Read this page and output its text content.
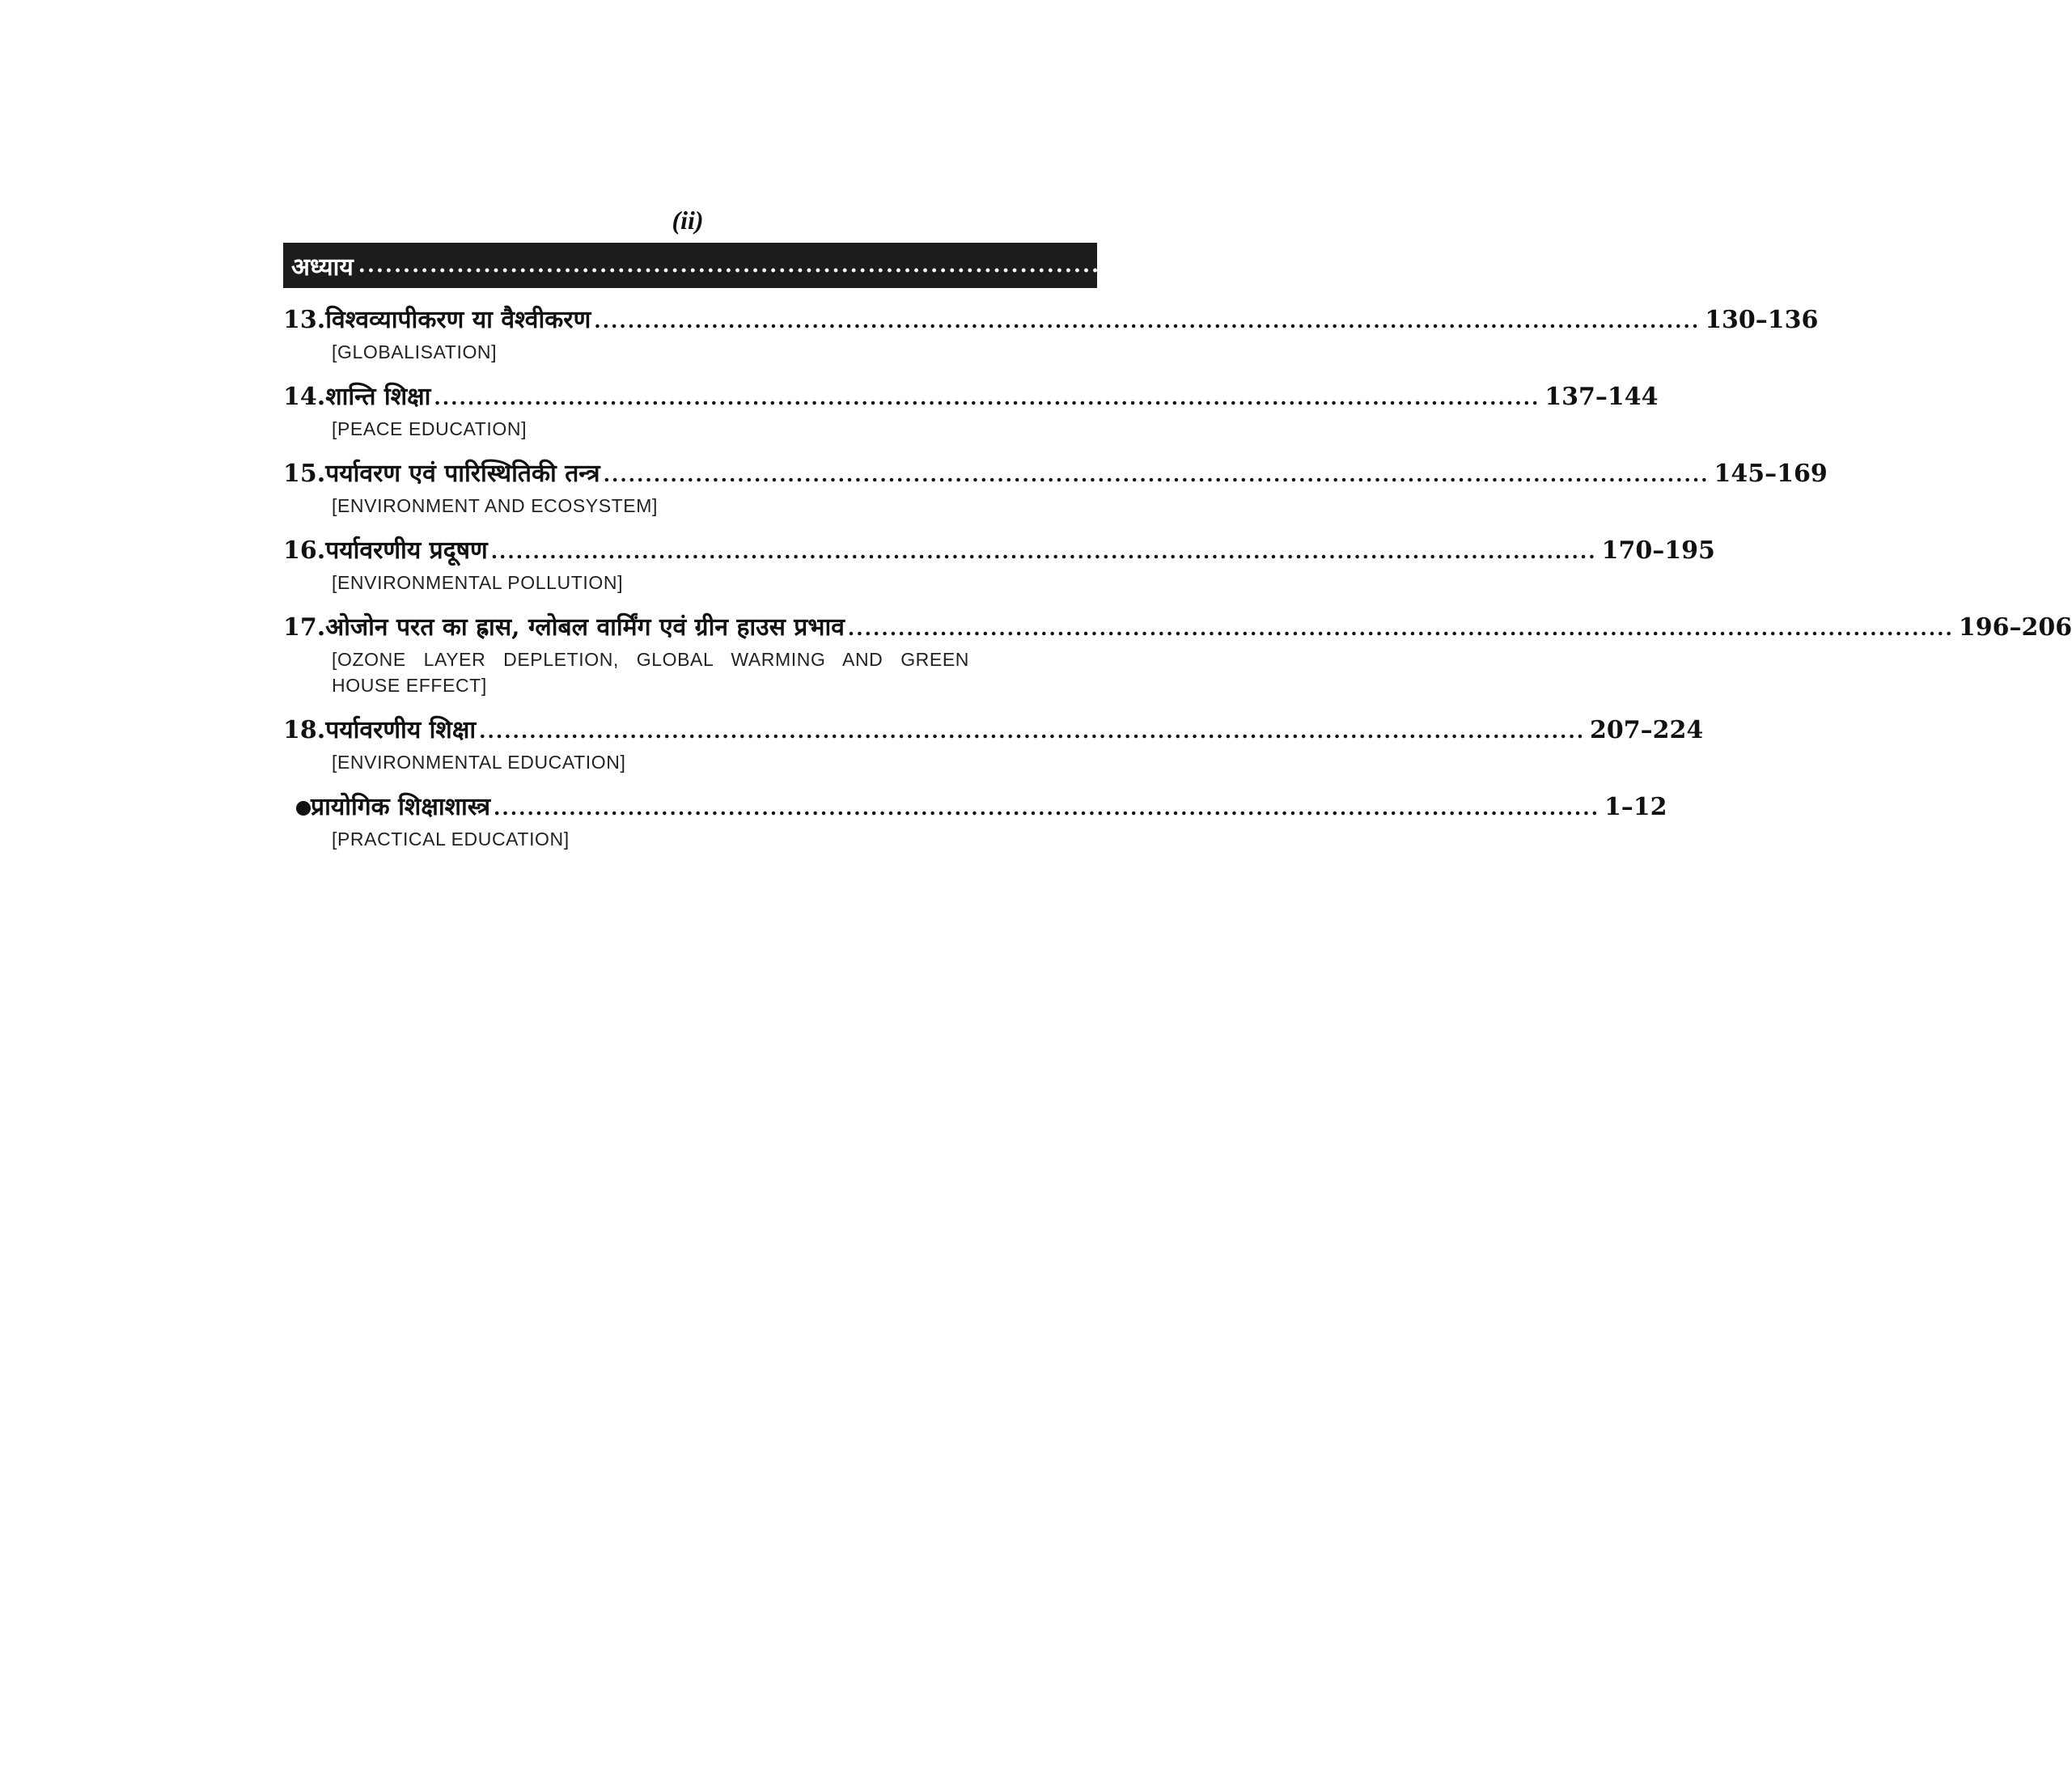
(ii)
अध्याय .................................................................................................................................................... पृष्ठ-संख्या
13. विश्वव्यापीकरण या वैश्वीकरण .................................................................................................................................... 130–136
[GLOBALISATION]
14. शान्ति शिक्षा .................................................................................................................................... 137–144
[PEACE EDUCATION]
15. पर्यावरण एवं पारिस्थितिकी तन्त्र .................................................................................................................................... 145–169
[ENVIRONMENT AND ECOSYSTEM]
16. पर्यावरणीय प्रदूषण .................................................................................................................................... 170–195
[ENVIRONMENTAL POLLUTION]
17. ओजोन परत का ह्रास, ग्लोबल वार्मिंग एवं ग्रीन हाउस प्रभाव .................................................................................................................................... 196–206
[OZONE LAYER DEPLETION, GLOBAL WARMING AND GREEN HOUSE EFFECT]
18. पर्यावरणीय शिक्षा .................................................................................................................................... 207–224
[ENVIRONMENTAL EDUCATION]
प्रायोगिक शिक्षाशास्त्र .................................................................................................................................... 1–12
[PRACTICAL EDUCATION]
